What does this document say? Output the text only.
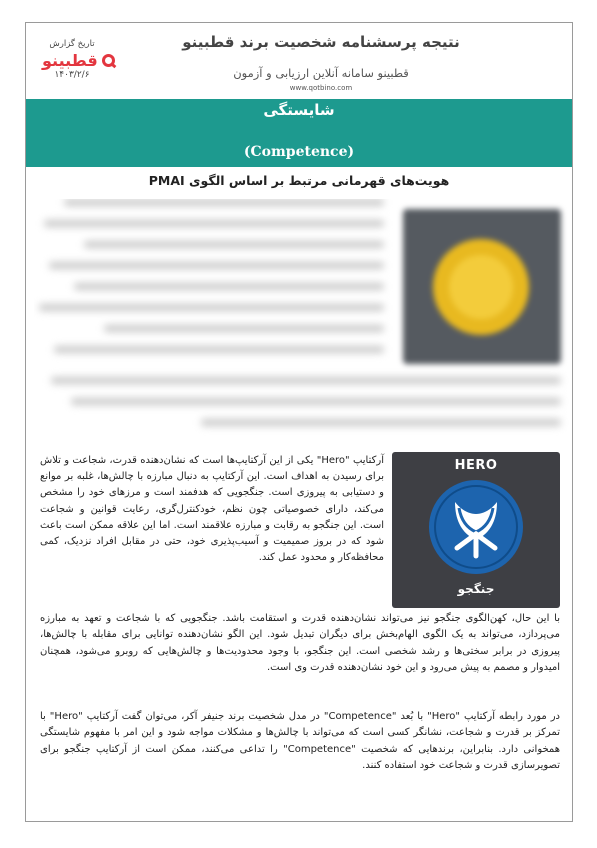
قطبینو
نتیجه پرسشنامه شخصیت برند قطبینو
قطبینو سامانه آنلاین ارزیابی و آزمون
www.qotbino.com
تاریخ گزارش
۱۴۰۳/۲/۶
شایستگی
(Competence)
هویت‌های قهرمانی مرتبط بر اساس الگوی PMAI
HERO
جنگجو
آرکتایپ "Hero" یکی از این آرکتایپ‌ها است که نشان‌دهنده قدرت، شجاعت و تلاش برای رسیدن به اهداف است. این آرکتایپ به دنبال مبارزه با چالش‌ها، غلبه بر موانع و دستیابی به پیروزی است. جنگجویی که هدفمند است و مرزهای خود را مشخص می‌کند، دارای خصوصیاتی چون نظم، خودکنترل‌گری، رعایت قوانین و شجاعت است. این جنگجو به رقابت و مبارزه علاقمند است. اما این علاقه ممکن است باعث شود که در بروز صمیمیت و آسیب‌پذیری خود، حتی در مقابل افراد نزدیک، کمی محافظه‌کار و محدود عمل کند.
با این حال، کهن‌الگوی جنگجو نیز می‌تواند نشان‌دهنده قدرت و استقامت باشد. جنگجویی که با شجاعت و تعهد به مبارزه می‌پردازد، می‌تواند به یک الگوی الهام‌بخش برای دیگران تبدیل شود. این الگو نشان‌دهنده توانایی برای مقابله با چالش‌ها، پیروزی در برابر سختی‌ها و رشد شخصی است. این جنگجو، با وجود محدودیت‌ها و چالش‌هایی که روبرو می‌شود، همچنان امیدوار و مصمم به پیش می‌رود و این خود نشان‌دهنده قدرت وی است.
در مورد رابطه آرکتایپ "Hero" با بُعد "Competence" در مدل شخصیت برند جنیفر آکر، می‌توان گفت آرکتایپ "Hero" با تمرکز بر قدرت و شجاعت، نشانگر کسی است که می‌تواند با چالش‌ها و مشکلات مواجه شود و این امر با مفهوم شایستگی همخوانی دارد. بنابراین، برندهایی که شخصیت "Competence" را تداعی می‌کنند، ممکن است از آرکتایپ جنگجو برای تصویرسازی قدرت و شجاعت خود استفاده کنند.
